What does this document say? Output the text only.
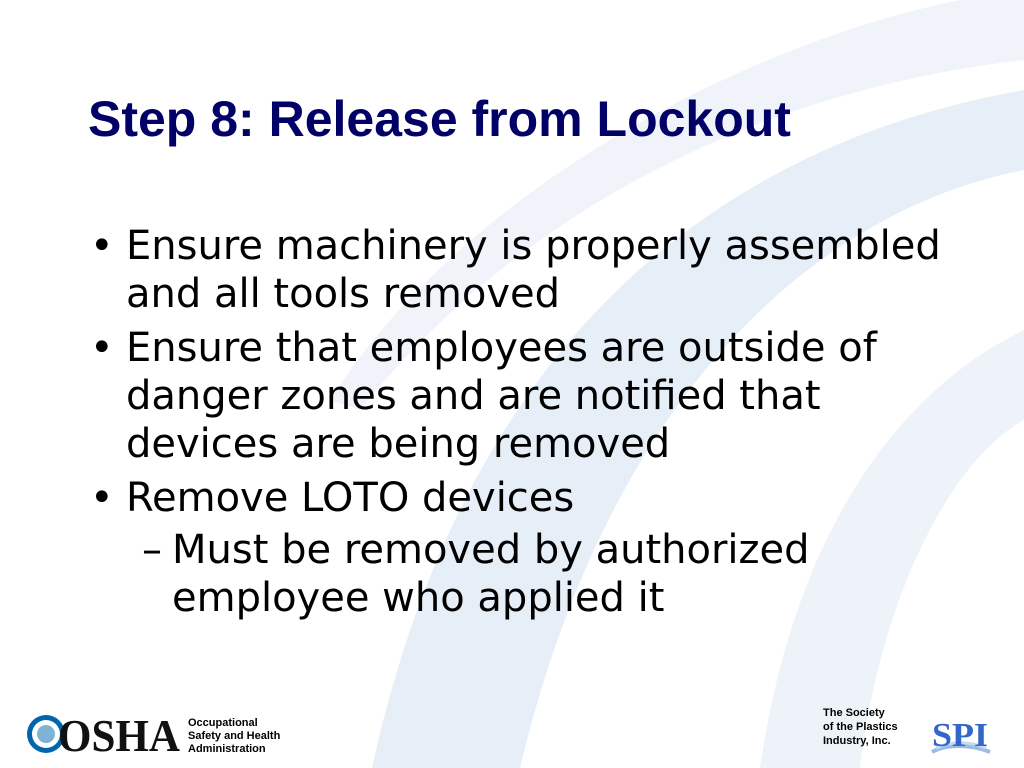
Step 8: Release from Lockout
• Ensure machinery is properly assembled and all tools removed
• Ensure that employees are outside of danger zones and are notified that devices are being removed
• Remove LOTO devices
– Must be removed by authorized employee who applied it
OSHA Occupational
Safety and Health
Administration
The Society
of the Plastics
Industry, Inc. SPI
